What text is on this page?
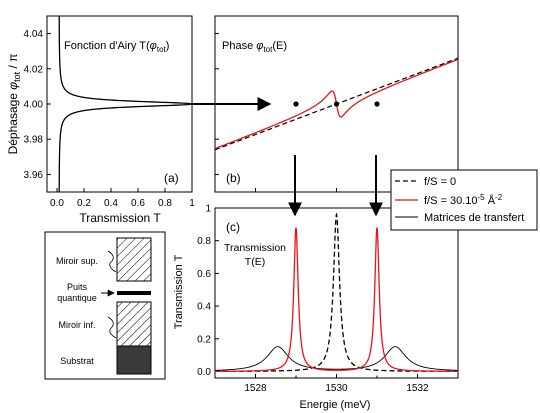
3.96
3.98
4.00
4.02
4.04
0.0 0.2 0.4 0.6 0.8 1
Fonction d'Airy $T(\varphi_{tot})$
(a)
Transmission T
Déphasage $\varphi_{tot}$ / π
Phase $\varphi_{tot}(E)$
(b)
0.0
0.2
0.4
0.6
0.8
1
1528	1530	1532
(c)
Transmission
T(E)
Energie (meV)
Transmission T
f/S = 0
$f/S = 30.10^{-5}$ $Å^{-2}$
Matrices de transfert
Miroir sup.
Puits
quantique
Miroir inf.
Substrat
